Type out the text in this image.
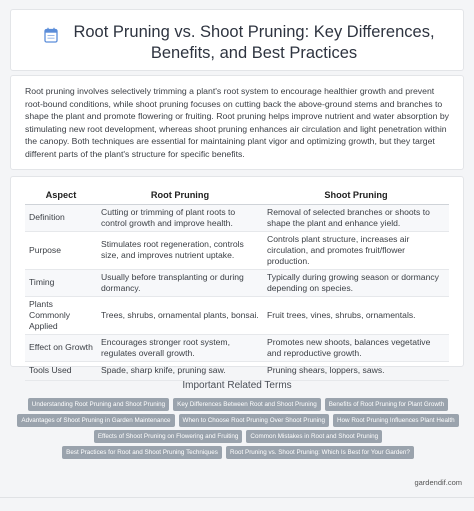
Root Pruning vs. Shoot Pruning: Key Differences, Benefits, and Best Practices

Root pruning involves selectively trimming a plant's root system to encourage healthier growth and prevent root-bound conditions, while shoot pruning focuses on cutting back the above-ground stems and branches to shape the plant and promote flowering or fruiting. Root pruning helps improve nutrient and water absorption by stimulating new root development, whereas shoot pruning enhances air circulation and light penetration within the canopy. Both techniques are essential for maintaining plant vigor and optimizing growth, but they target different parts of the plant's structure for specific benefits.

Aspect	Root Pruning	Shoot Pruning
Definition	Cutting or trimming of plant roots to control growth and improve health.	Removal of selected branches or shoots to shape the plant and enhance yield.
Purpose	Stimulates root regeneration, controls size, and improves nutrient uptake.	Controls plant structure, increases air circulation, and promotes fruit/flower production.
Timing	Usually before transplanting or during dormancy.	Typically during growing season or dormancy depending on species.
Plants Commonly Applied	Trees, shrubs, ornamental plants, bonsai.	Fruit trees, vines, shrubs, ornamentals.
Effect on Growth	Encourages stronger root system, regulates overall growth.	Promotes new shoots, balances vegetative and reproductive growth.
Tools Used	Spade, sharp knife, pruning saw.	Pruning shears, loppers, saws.
Important Related Terms
Understanding Root Pruning and Shoot Pruning	Key Differences Between Root and Shoot Pruning	Benefits of Root Pruning for Plant Growth
Advantages of Shoot Pruning in Garden Maintenance	When to Choose Root Pruning Over Shoot Pruning	How Root Pruning Influences Plant Health
Effects of Shoot Pruning on Flowering and Fruiting	Common Mistakes in Root and Shoot Pruning
Best Practices for Root and Shoot Pruning Techniques	Root Pruning vs. Shoot Pruning: Which Is Best for Your Garden?
gardendif.com
